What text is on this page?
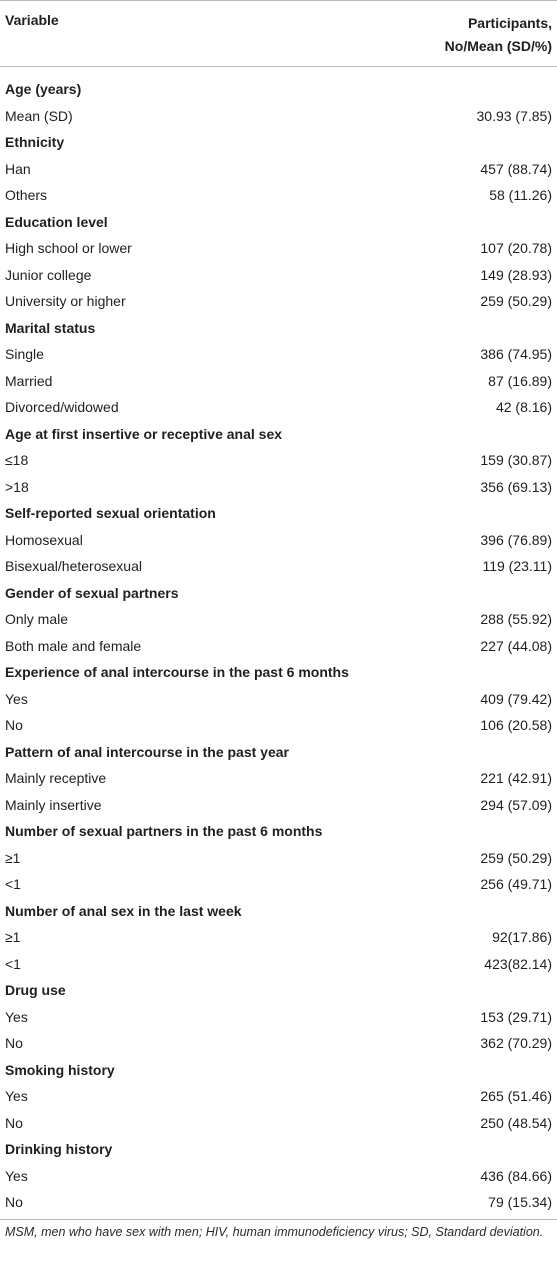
Variable	Participants,
No/Mean (SD/%)
Age (years)
Mean (SD)	30.93 (7.85)
Ethnicity
Han	457 (88.74)
Others	58 (11.26)
Education level
High school or lower	107 (20.78)
Junior college	149 (28.93)
University or higher	259 (50.29)
Marital status
Single	386 (74.95)
Married	87 (16.89)
Divorced/widowed	42 (8.16)
Age at first insertive or receptive anal sex
≤18	159 (30.87)
>18	356 (69.13)
Self-reported sexual orientation
Homosexual	396 (76.89)
Bisexual/heterosexual	119 (23.11)
Gender of sexual partners
Only male	288 (55.92)
Both male and female	227 (44.08)
Experience of anal intercourse in the past 6 months
Yes	409 (79.42)
No	106 (20.58)
Pattern of anal intercourse in the past year
Mainly receptive	221 (42.91)
Mainly insertive	294 (57.09)
Number of sexual partners in the past 6 months
≥1	259 (50.29)
<1	256 (49.71)
Number of anal sex in the last week
≥1	92(17.86)
<1	423(82.14)
Drug use
Yes	153 (29.71)
No	362 (70.29)
Smoking history
Yes	265 (51.46)
No	250 (48.54)
Drinking history
Yes	436 (84.66)
No	79 (15.34)
MSM, men who have sex with men; HIV, human immunodeficiency virus; SD, Standard deviation.
